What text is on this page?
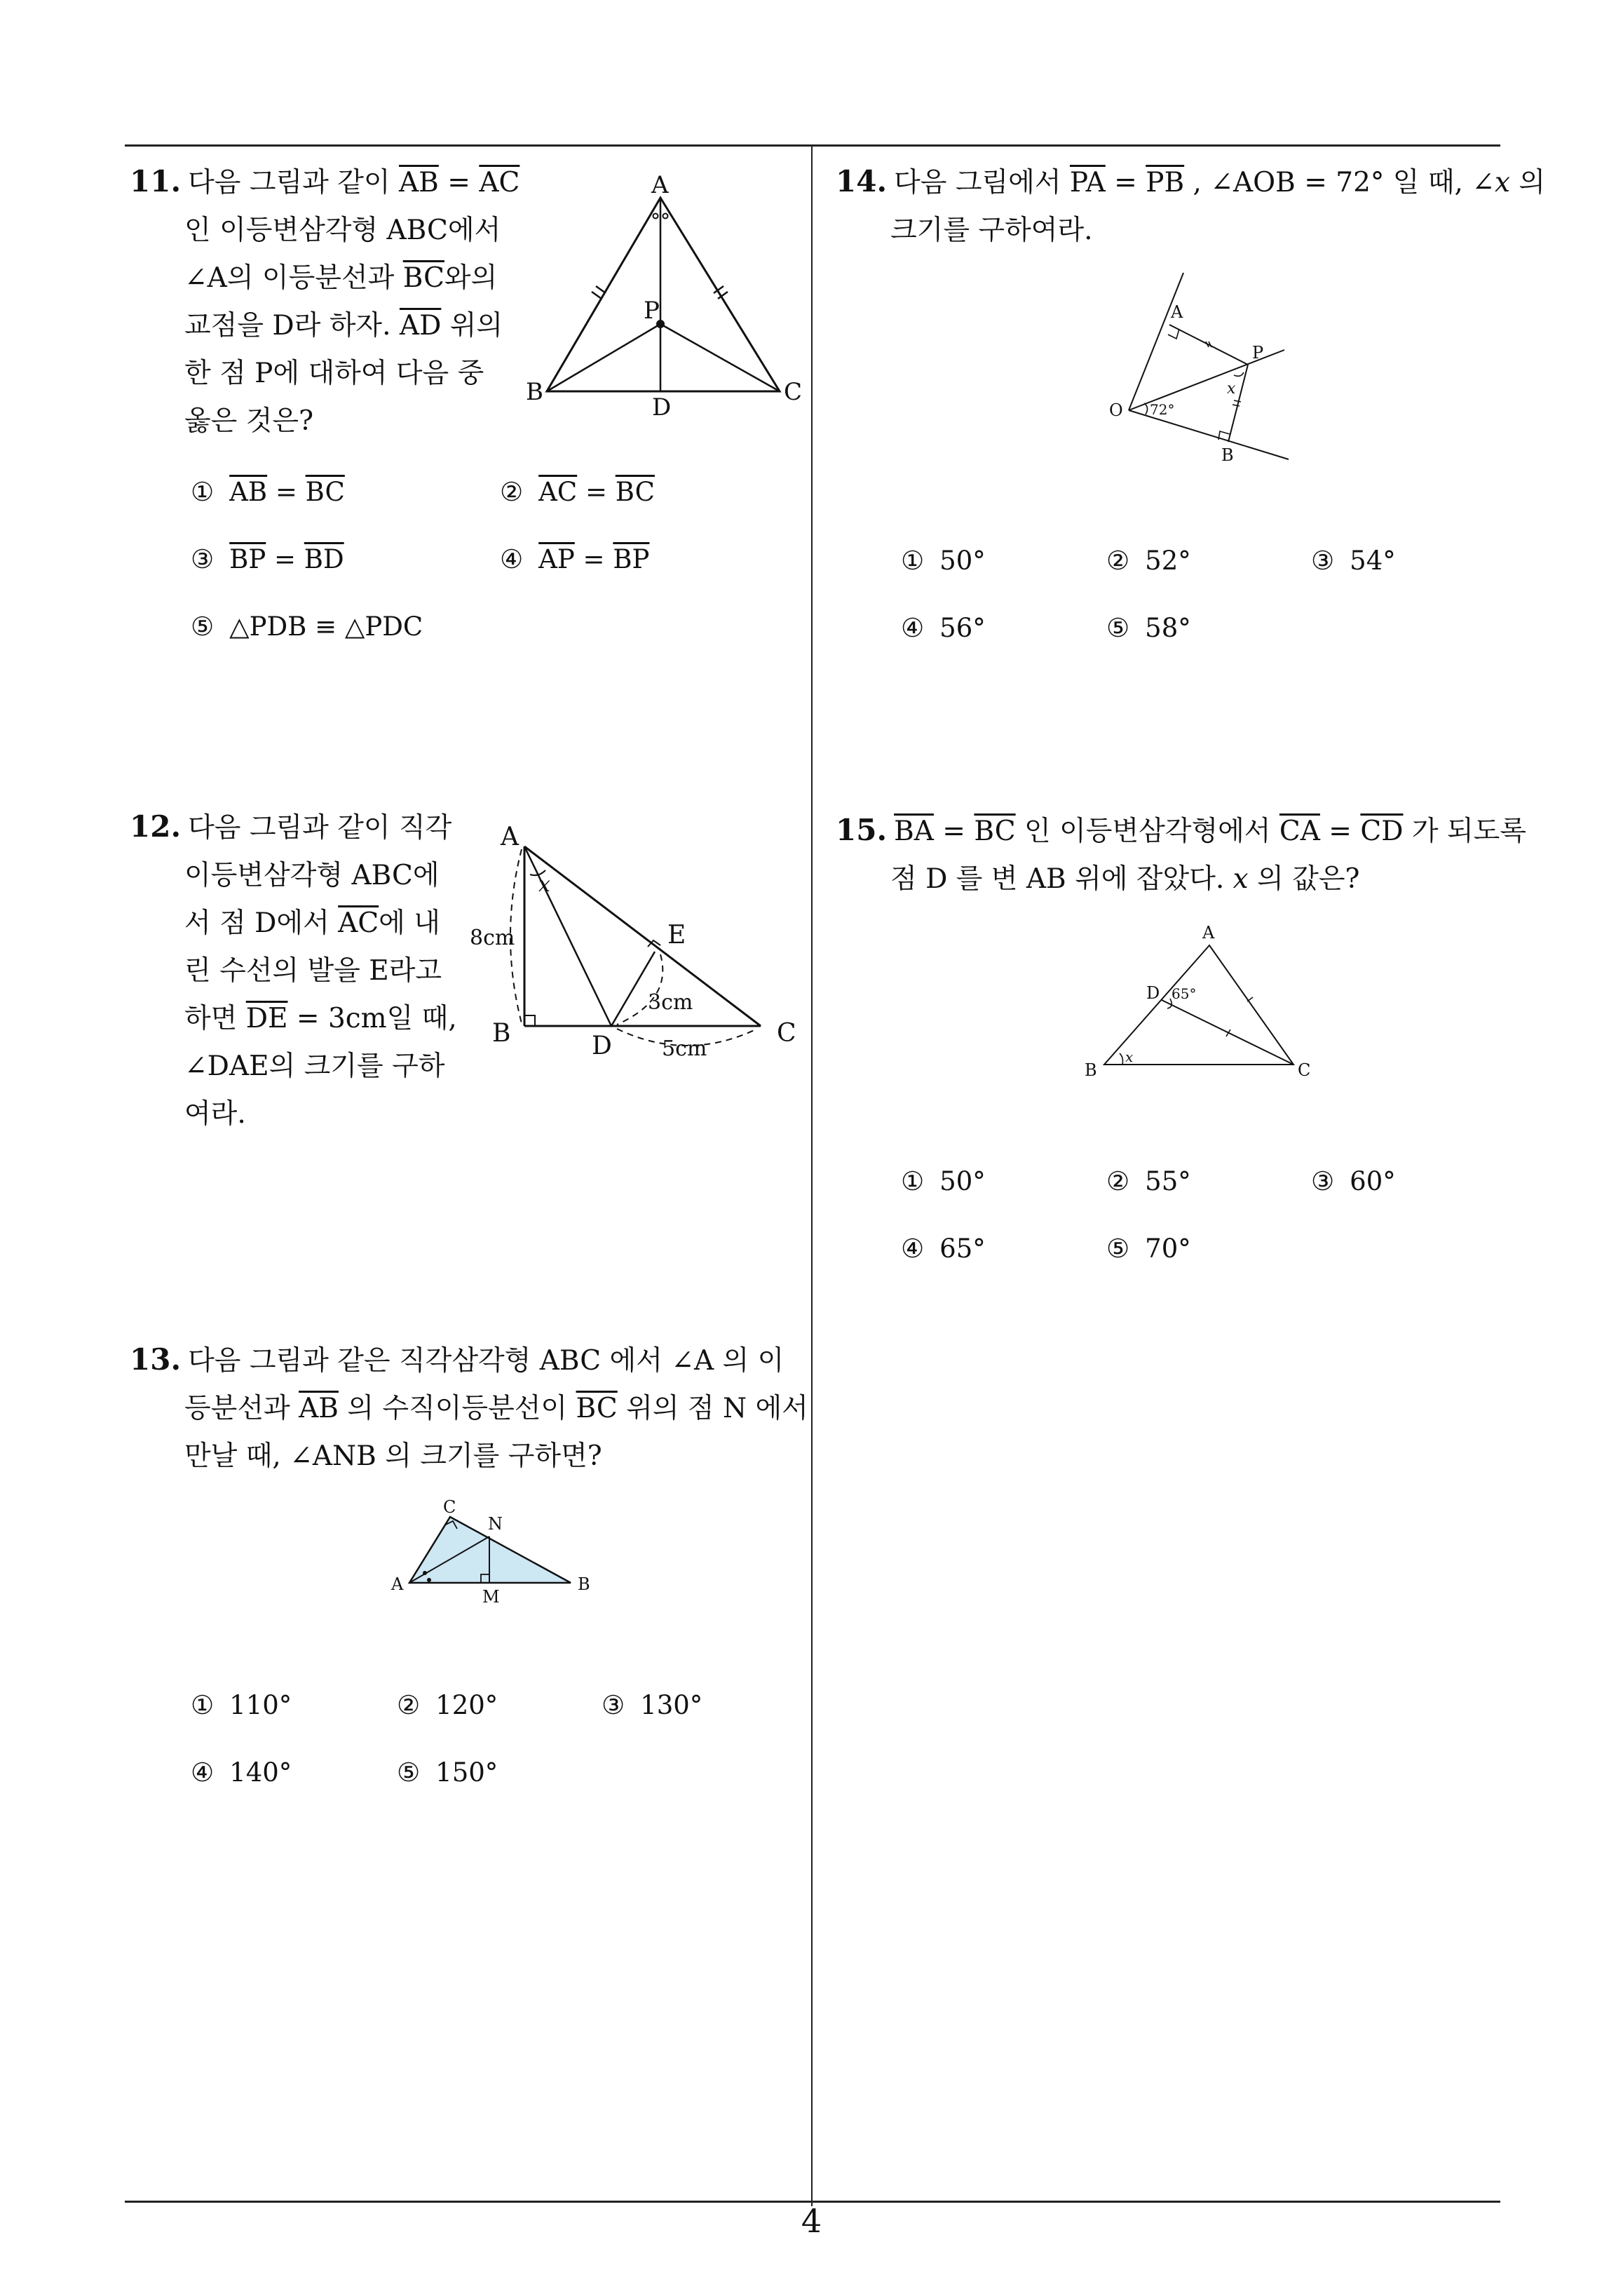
11. 다음 그림과 같이 $\overline{AB} = \overline{AC}$
인 이등변삼각형 ABC에서
∠A의 이등분선과 $\overline{BC}$와의
교점을 D라 하자. $\overline{AD}$ 위의
한 점 P에 대하여 다음 중
옳은 것은?
A
B	C
D
P
① $\overline{AB} = \overline{BC}$	② $\overline{AC} = \overline{BC}$
③ $\overline{BP} = \overline{BD}$	④ $\overline{AP} = \overline{BP}$
⑤ △PDB ≡ △PDC
12. 다음 그림과 같이 직각
이등변삼각형 ABC에
서 점 D에서 $\overline{AC}$에 내
린 수선의 발을 E라고
하면 $\overline{DE} = 3cm$일 때,
∠DAE의 크기를 구하
여라.
A
B	C
D
E
x
8cm
3cm
5cm
13. 다음 그림과 같은 직각삼각형 ABC 에서 ∠A 의 이
등분선과 $\overline{AB}$ 의 수직이등분선이 $\overline{BC}$ 위의 점 N 에서
만날 때, ∠ANB 의 크기를 구하면?
C
N
A	B
M
① 110°	② 120°	③ 130°
④ 140°	⑤ 150°
14. 다음 그림에서 $\overline{PA} = \overline{PB}$ , ∠AOB = 72° 일 때, ∠x 의
크기를 구하여라.
A
P
O
B
x
72°
① 50°	② 52°	③ 54°
④ 56°	⑤ 58°
15. $\overline{BA} = \overline{BC}$ 인 이등변삼각형에서 $\overline{CA} = \overline{CD}$ 가 되도록
점 D 를 변 AB 위에 잡았다. x 의 값은?
A
D
B	C
x
65°
① 50°	② 55°	③ 60°
④ 65°	⑤ 70°
4
